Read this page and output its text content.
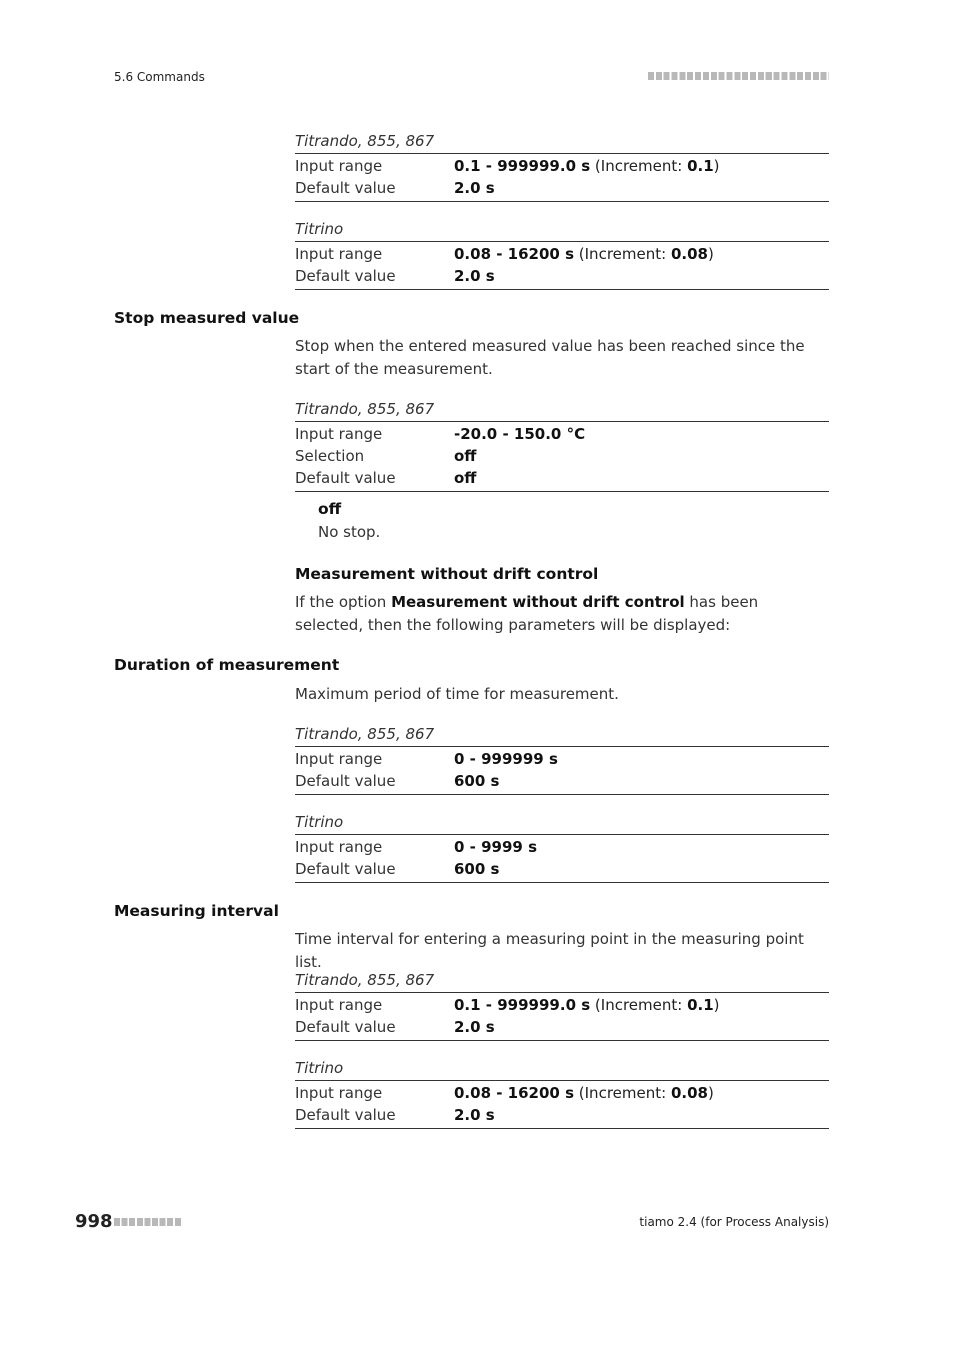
5.6 Commands
Titrando, 855, 867
Input range	0.1 - 999999.0 s (Increment: 0.1)
Default value	2.0 s
Titrino
Input range	0.08 - 16200 s (Increment: 0.08)
Default value	2.0 s
Stop measured value
Stop when the entered measured value has been reached since the start of the measurement.
Titrando, 855, 867
Input range	-20.0 - 150.0 °C
Selection	off
Default value	off
off
No stop.
Measurement without drift control
If the option Measurement without drift control has been selected, then the following parameters will be displayed:
Duration of measurement
Maximum period of time for measurement.
Titrando, 855, 867
Input range	0 - 999999 s
Default value	600 s
Titrino
Input range	0 - 9999 s
Default value	600 s
Measuring interval
Time interval for entering a measuring point in the measuring point list.
Titrando, 855, 867
Input range	0.1 - 999999.0 s (Increment: 0.1)
Default value	2.0 s
Titrino
Input range	0.08 - 16200 s (Increment: 0.08)
Default value	2.0 s
998	tiamo 2.4 (for Process Analysis)
